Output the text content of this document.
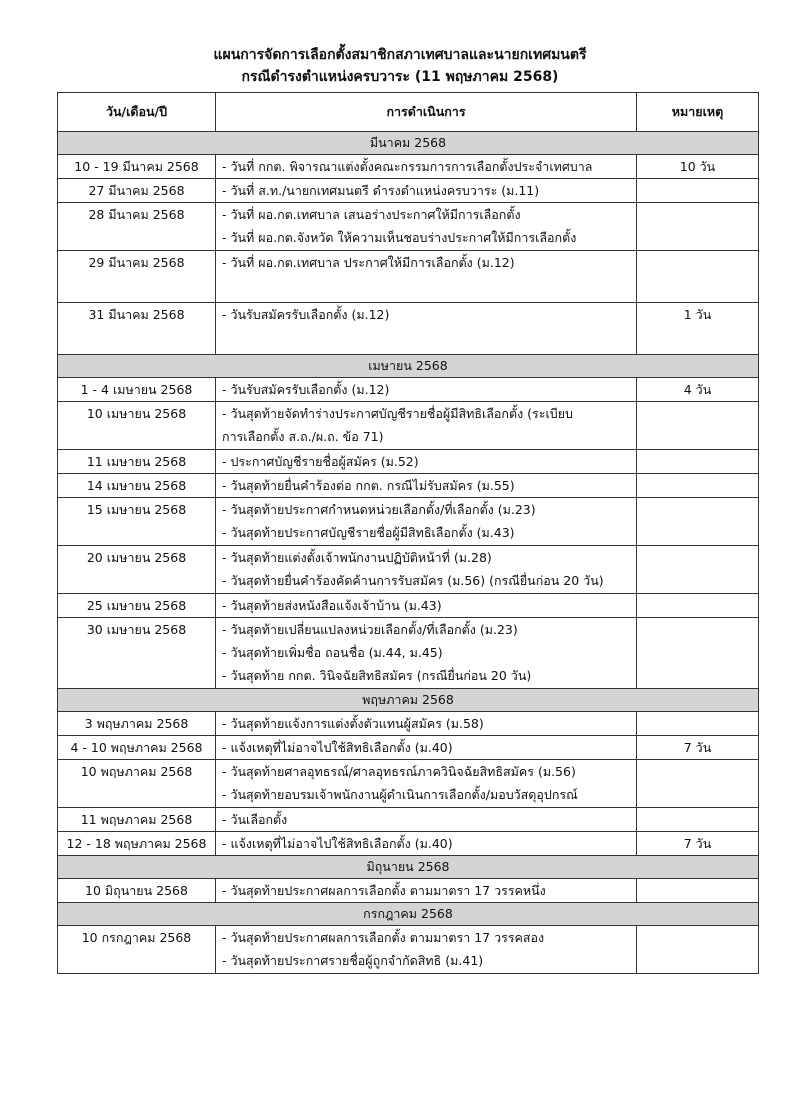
แผนการจัดการเลือกตั้งสมาชิกสภาเทศบาลและนายกเทศมนตรี
กรณีดำรงตำแหน่งครบวาระ (11 พฤษภาคม 2568)
วัน/เดือน/ปี	การดำเนินการ	หมายเหตุ
มีนาคม 2568		

10 - 19 มีนาคม 2568	- วันที่ กกต. พิจารณาแต่งตั้งคณะกรรมการการเลือกตั้งประจำเทศบาล	10 วัน

27 มีนาคม 2568	- วันที่ ส.ท./นายกเทศมนตรี ดำรงตำแหน่งครบวาระ (ม.11)	

28 มีนาคม 2568	- วันที่ ผอ.กต.เทศบาล เสนอร่างประกาศให้มีการเลือกตั้ง
- วันที่ ผอ.กต.จังหวัด ให้ความเห็นชอบร่างประกาศให้มีการเลือกตั้ง	

29 มีนาคม 2568	- วันที่ ผอ.กต.เทศบาล ประกาศให้มีการเลือกตั้ง (ม.12)	

31 มีนาคม 2568	- วันรับสมัครรับเลือกตั้ง (ม.12)	1 วัน

เมษายน 2568		

1 - 4 เมษายน 2568	- วันรับสมัครรับเลือกตั้ง (ม.12)	4 วัน

10 เมษายน 2568	- วันสุดท้ายจัดทำร่างประกาศบัญชีรายชื่อผู้มีสิทธิเลือกตั้ง (ระเบียบ
การเลือกตั้ง ส.ถ./ผ.ถ. ข้อ 71)	

11 เมษายน 2568	- ประกาศบัญชีรายชื่อผู้สมัคร (ม.52)	

14 เมษายน 2568	- วันสุดท้ายยื่นคำร้องต่อ กกต. กรณีไม่รับสมัคร (ม.55)	

15 เมษายน 2568	- วันสุดท้ายประกาศกำหนดหน่วยเลือกตั้ง/ที่เลือกตั้ง (ม.23)
- วันสุดท้ายประกาศบัญชีรายชื่อผู้มีสิทธิเลือกตั้ง (ม.43)	

20 เมษายน 2568	- วันสุดท้ายแต่งตั้งเจ้าพนักงานปฏิบัติหน้าที่ (ม.28)
- วันสุดท้ายยื่นคำร้องคัดค้านการรับสมัคร (ม.56) (กรณียื่นก่อน 20 วัน)	

25 เมษายน 2568	- วันสุดท้ายส่งหนังสือแจ้งเจ้าบ้าน (ม.43)	

30 เมษายน 2568	- วันสุดท้ายเปลี่ยนแปลงหน่วยเลือกตั้ง/ที่เลือกตั้ง (ม.23)
- วันสุดท้ายเพิ่มชื่อ ถอนชื่อ (ม.44, ม.45)
- วันสุดท้าย กกต. วินิจฉัยสิทธิสมัคร (กรณียื่นก่อน 20 วัน)	

พฤษภาคม 2568		

3 พฤษภาคม 2568	- วันสุดท้ายแจ้งการแต่งตั้งตัวแทนผู้สมัคร (ม.58)	

4 - 10 พฤษภาคม 2568	- แจ้งเหตุที่ไม่อาจไปใช้สิทธิเลือกตั้ง (ม.40)	7 วัน

10 พฤษภาคม 2568	- วันสุดท้ายศาลอุทธรณ์/ศาลอุทธรณ์ภาควินิจฉัยสิทธิสมัคร (ม.56)
- วันสุดท้ายอบรมเจ้าพนักงานผู้ดำเนินการเลือกตั้ง/มอบวัสดุอุปกรณ์	

11 พฤษภาคม 2568	- วันเลือกตั้ง	

12 - 18 พฤษภาคม 2568	- แจ้งเหตุที่ไม่อาจไปใช้สิทธิเลือกตั้ง (ม.40)	7 วัน

มิถุนายน 2568		

10 มิถุนายน 2568	- วันสุดท้ายประกาศผลการเลือกตั้ง ตามมาตรา 17 วรรคหนึ่ง	

กรกฎาคม 2568		

10 กรกฎาคม 2568	- วันสุดท้ายประกาศผลการเลือกตั้ง ตามมาตรา 17 วรรคสอง
- วันสุดท้ายประกาศรายชื่อผู้ถูกจำกัดสิทธิ (ม.41)	
